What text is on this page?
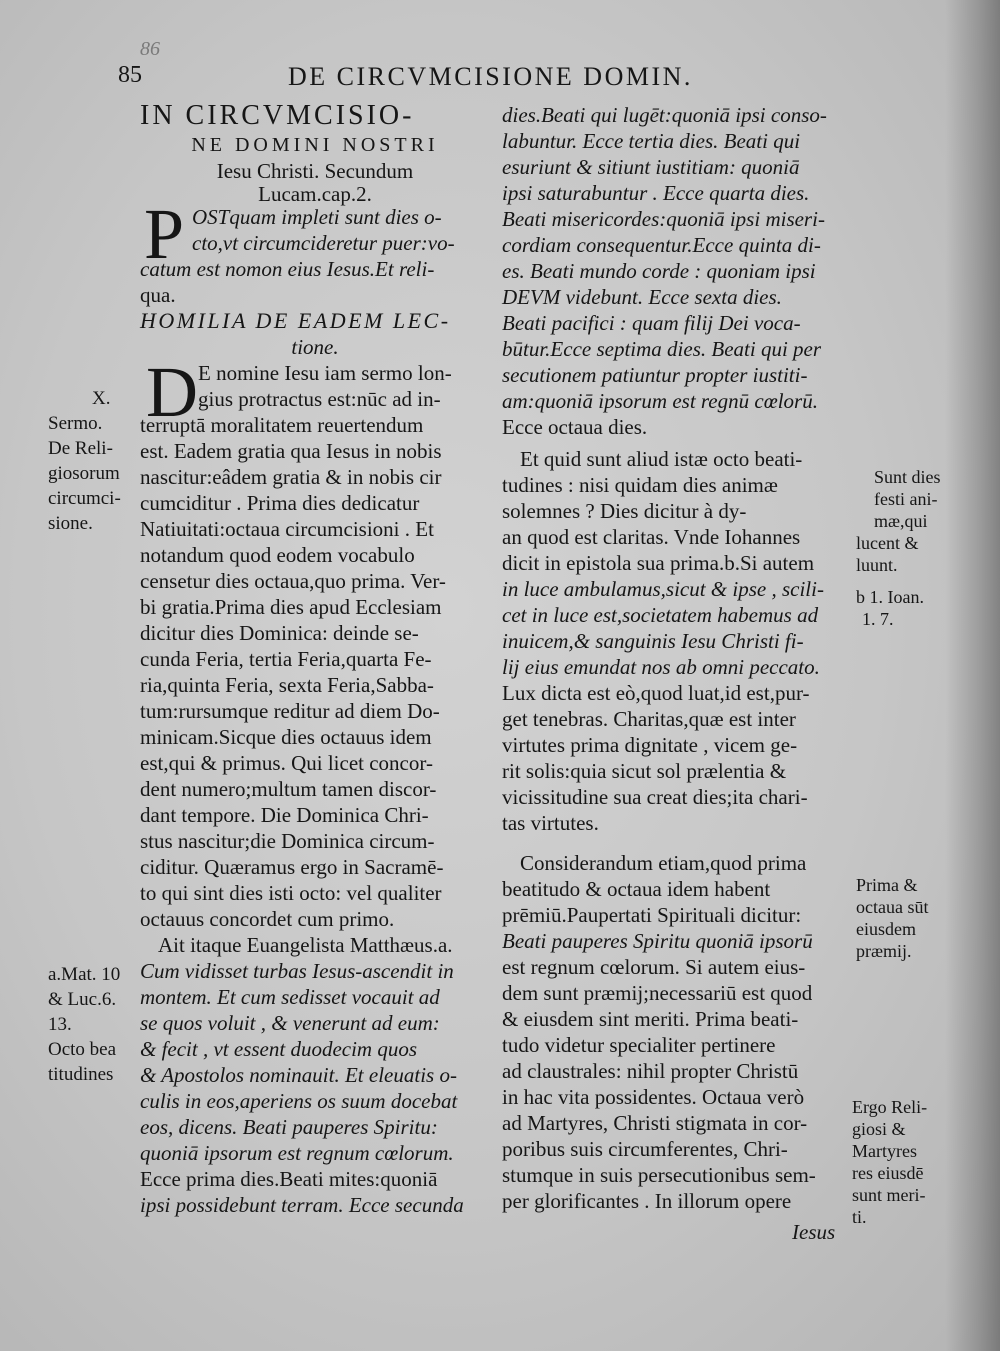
86
85	DE CIRCVMCISIONE DOMIN.
IN CIRCVMCISIO-
NE DOMINI NOSTRI
Iesu Christi. Secundum
Lucam.cap.2.
P OSTquam impleti sunt dies o-
cto,vt circumcideretur puer:vo-
catum est nomon eius Iesus.Et reli-
qua.
HOMILIA DE EADEM LEC-
tione.
D E nomine Iesu iam sermo lon-
gius protractus est:nūc ad in-
terruptā moralitatem reuertendum
est. Eadem gratia qua Iesus in nobis
nascitur:eâdem gratia & in nobis cir
cumciditur . Prima dies dedicatur
Natiuitati:octaua circumcisioni . Et
notandum quod eodem vocabulo
censetur dies octaua,quo prima. Ver-
bi gratia.Prima dies apud Ecclesiam
dicitur dies Dominica: deinde se-
cunda Feria, tertia Feria,quarta Fe-
ria,quinta Feria, sexta Feria,Sabba-
tum:rursumque reditur ad diem Do-
minicam.Sicque dies octauus idem
est,qui & primus. Qui licet concor-
dent numero;multum tamen discor-
dant tempore. Die Dominica Chri-
stus nascitur;die Dominica circum-
ciditur. Quæramus ergo in Sacramē-
to qui sint dies isti octo: vel qualiter
octauus concordet cum primo.
Ait itaque Euangelista Matthæus.a.
Cum vidisset turbas Iesus-ascendit in
montem. Et cum sedisset vocauit ad
se quos voluit , & venerunt ad eum:
& fecit , vt essent duodecim quos
& Apostolos nominauit. Et eleuatis o-
culis in eos,aperiens os suum docebat
eos, dicens. Beati pauperes Spiritu:
quoniā ipsorum est regnum cœlorum.
Ecce prima dies.Beati mites:quoniā
ipsi possidebunt terram. Ecce secunda
dies.Beati qui lugēt:quoniā ipsi conso-
labuntur. Ecce tertia dies. Beati qui
esuriunt & sitiunt iustitiam: quoniā
ipsi saturabuntur . Ecce quarta dies.
Beati misericordes:quoniā ipsi miseri-
cordiam consequentur.Ecce quinta di-
es. Beati mundo corde : quoniam ipsi
DEVM videbunt. Ecce sexta dies.
Beati pacifici : quam filij Dei voca-
būtur.Ecce septima dies. Beati qui per
secutionem patiuntur propter iustiti-
am:quoniā ipsorum est regnū cœlorū.
Ecce octaua dies.
Et quid sunt aliud istæ octo beati-
tudines : nisi quidam dies animæ
solemnes ? Dies dicitur à dy-
an quod est claritas. Vnde Iohannes
dicit in epistola sua prima.b.Si autem
in luce ambulamus,sicut & ipse , scili-
cet in luce est,societatem habemus ad
inuicem,& sanguinis Iesu Christi fi-
lij eius emundat nos ab omni peccato.
Lux dicta est eò,quod luat,id est,pur-
get tenebras. Charitas,quæ est inter
virtutes prima dignitate , vicem ge-
rit solis:quia sicut sol prælentia &
vicissitudine sua creat dies;ita chari-
tas virtutes.
Considerandum etiam,quod prima
beatitudo & octaua idem habent
prēmiū.Paupertati Spirituali dicitur:
Beati pauperes Spiritu quoniā ipsorū
est regnum cœlorum. Si autem eius-
dem sunt præmij;necessariū est quod
& eiusdem sint meriti. Prima beati-
tudo videtur specialiter pertinere
ad claustrales: nihil propter Christū
in hac vita possidentes. Octaua verò
ad Martyres, Christi stigmata in cor-
poribus suis circumferentes, Chri-
stumque in suis persecutionibus sem-
per glorificantes . In illorum opere
Iesus
X.
Sermo.
De Reli-
giosorum
circumci-
sione.
a.Mat. 10
& Luc.6.
13.
Octo bea
titudines
Sunt dies
festi ani-
mæ,qui
lucent &
luunt.
b 1. Ioan.
1. 7.
Prima &
octaua sūt
eiusdem
præmij.
Ergo Reli-
giosi &
Martyres
res eiusdē
sunt meri-
ti.
